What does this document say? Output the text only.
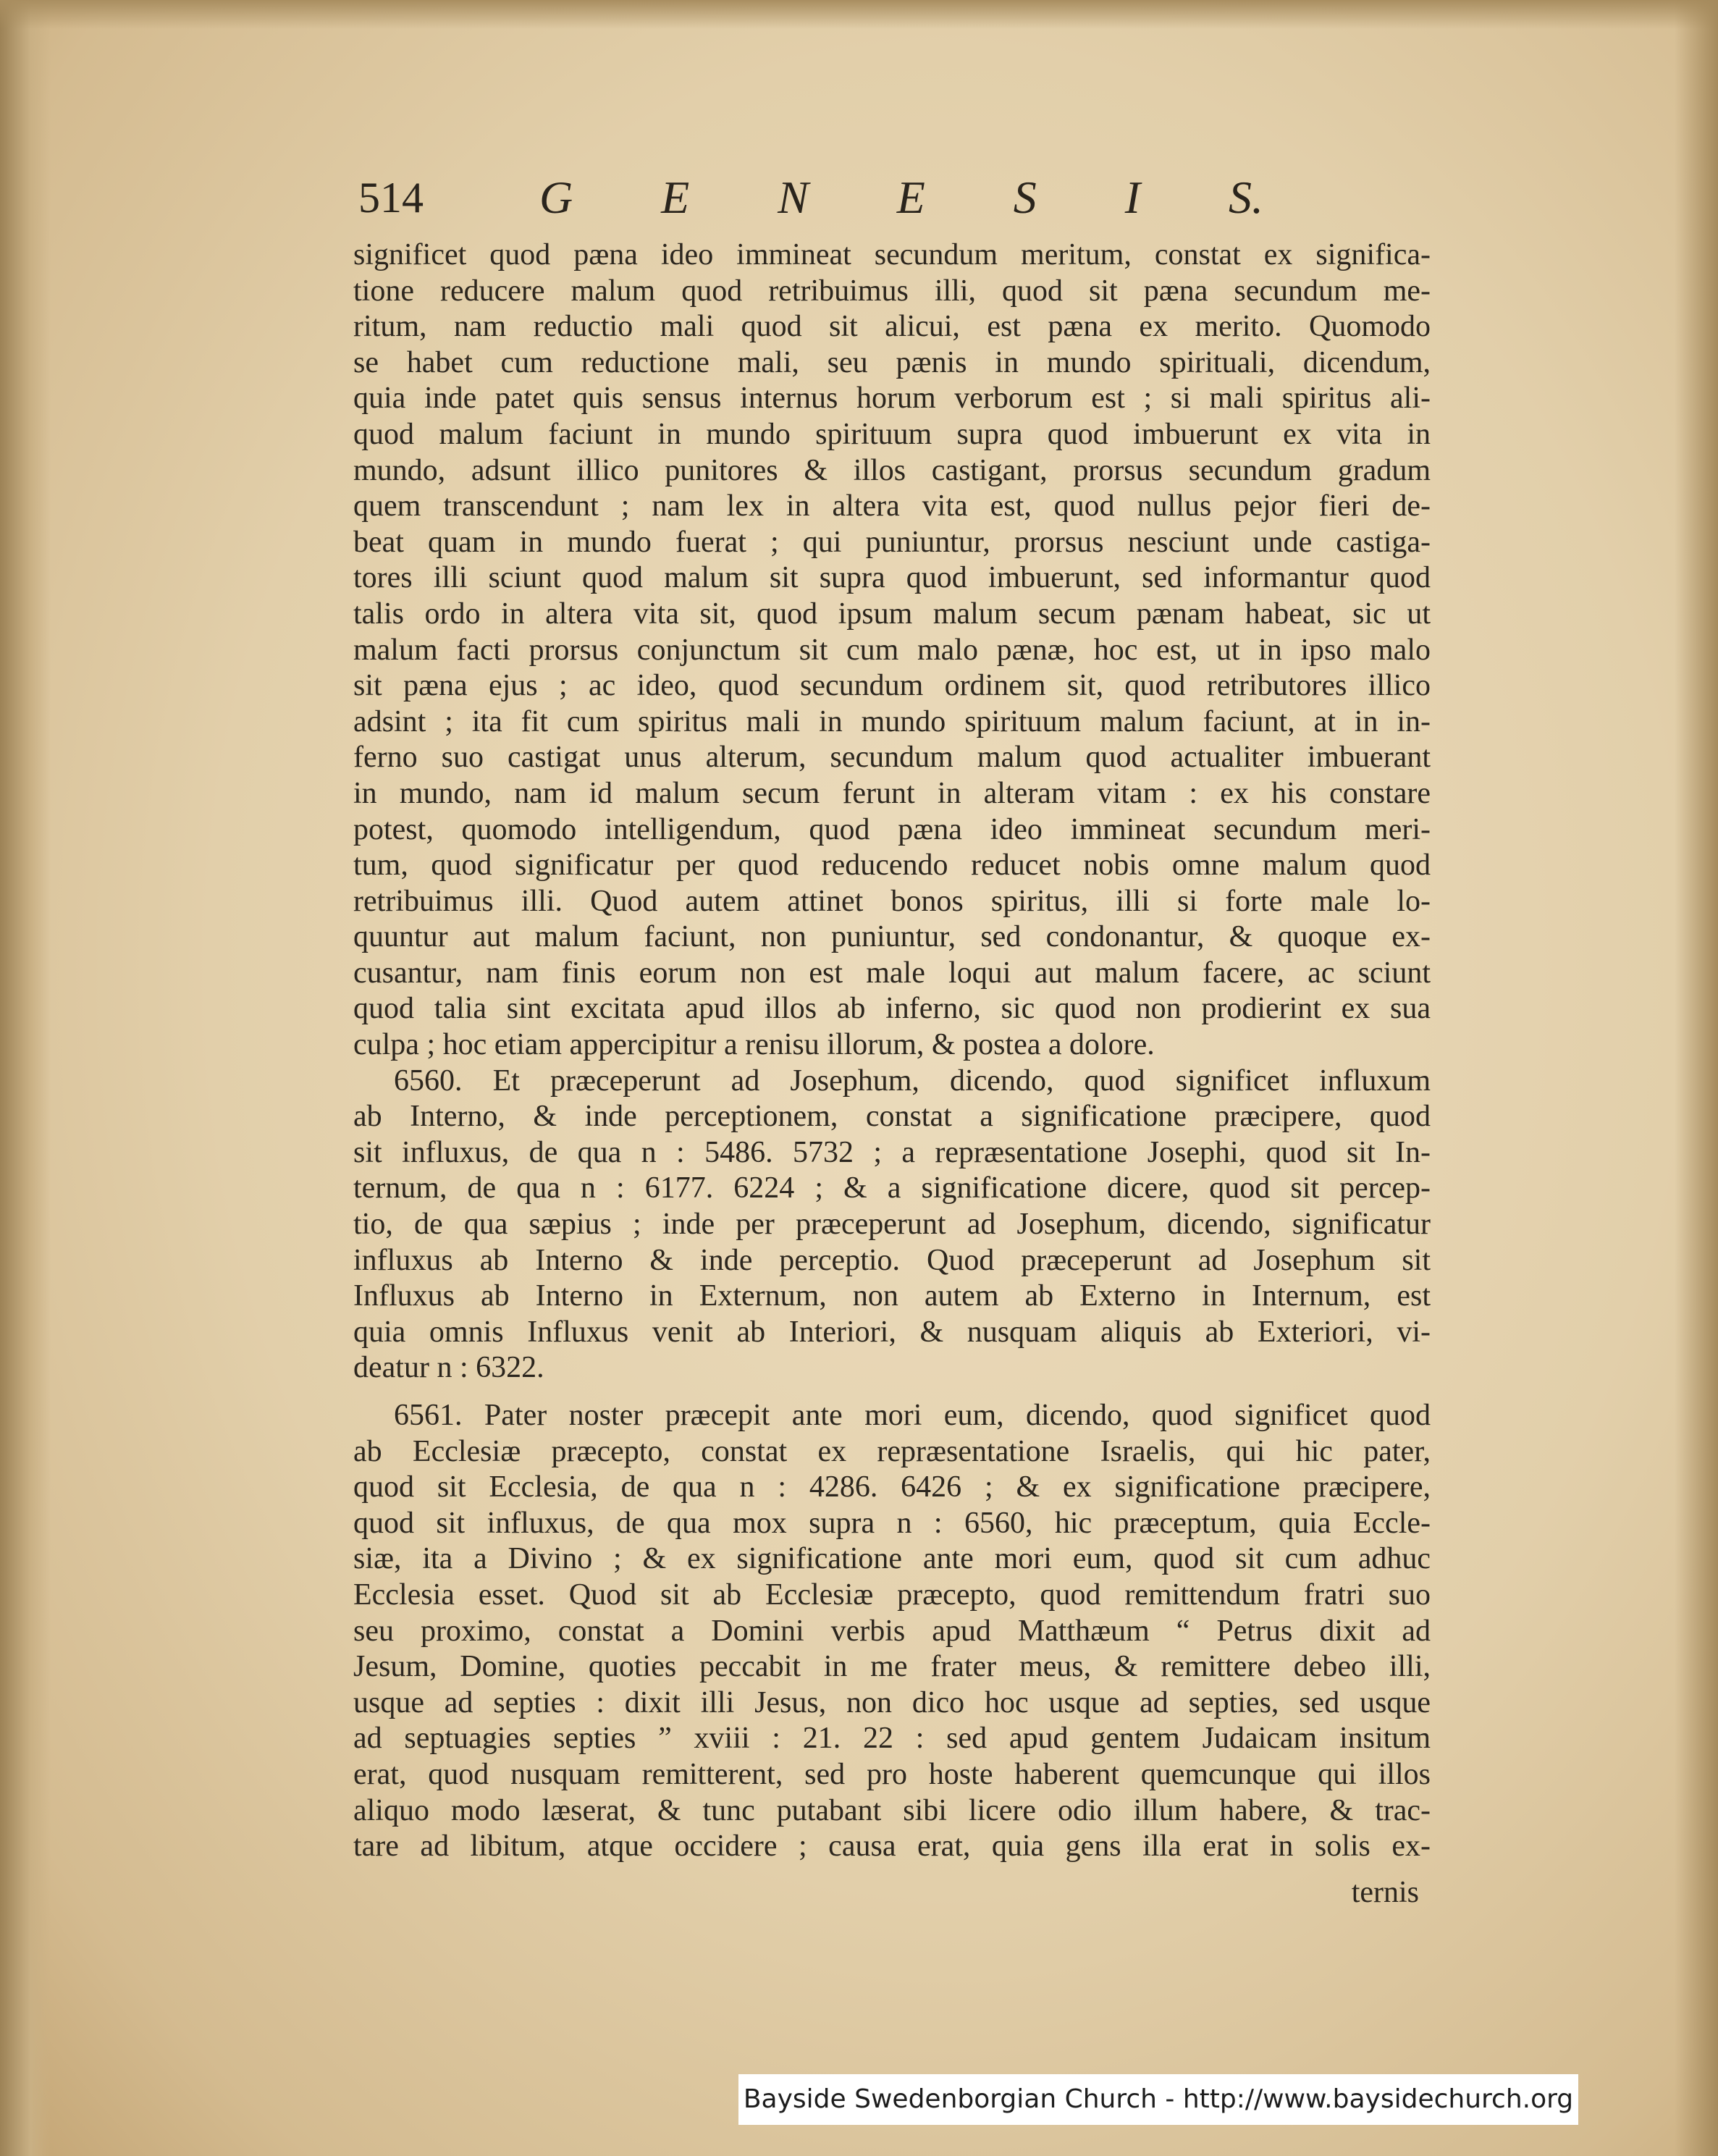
514	G E N E S I S.

significet quod pæna ideo immineat secundum meritum, constat ex significa-

tione reducere malum quod retribuimus illi, quod sit pæna secundum me-

ritum, nam reductio mali quod sit alicui, est pæna ex merito. Quomodo

se habet cum reductione mali, seu pænis in mundo spirituali, dicendum,

quia inde patet quis sensus internus horum verborum est ; si mali spiritus ali-

quod malum faciunt in mundo spirituum supra quod imbuerunt ex vita in

mundo, adsunt illico punitores & illos castigant, prorsus secundum gradum

quem transcendunt ; nam lex in altera vita est, quod nullus pejor fieri de-

beat quam in mundo fuerat ; qui puniuntur, prorsus nesciunt unde castiga-

tores illi sciunt quod malum sit supra quod imbuerunt, sed informantur quod

talis ordo in altera vita sit, quod ipsum malum secum pænam habeat, sic ut

malum facti prorsus conjunctum sit cum malo pænæ, hoc est, ut in ipso malo

sit pæna ejus ; ac ideo, quod secundum ordinem sit, quod retributores illico

adsint ; ita fit cum spiritus mali in mundo spirituum malum faciunt, at in in-

ferno suo castigat unus alterum, secundum malum quod actualiter imbuerant

in mundo, nam id malum secum ferunt in alteram vitam : ex his constare

potest, quomodo intelligendum, quod pæna ideo immineat secundum meri-

tum, quod significatur per quod reducendo reducet nobis omne malum quod

retribuimus illi. Quod autem attinet bonos spiritus, illi si forte male lo-

quuntur aut malum faciunt, non puniuntur, sed condonantur, & quoque ex-

cusantur, nam finis eorum non est male loqui aut malum facere, ac sciunt

quod talia sint excitata apud illos ab inferno, sic quod non prodierint ex sua

culpa ; hoc etiam appercipitur a renisu illorum, & postea a dolore.

6560. Et præceperunt ad Josephum, dicendo, quod significet influxum

ab Interno, & inde perceptionem, constat a significatione præcipere, quod

sit influxus, de qua n : 5486. 5732 ; a repræsentatione Josephi, quod sit In-

ternum, de qua n : 6177. 6224 ; & a significatione dicere, quod sit percep-

tio, de qua sæpius ; inde per præceperunt ad Josephum, dicendo, significatur

influxus ab Interno & inde perceptio. Quod præceperunt ad Josephum sit

Influxus ab Interno in Externum, non autem ab Externo in Internum, est

quia omnis Influxus venit ab Interiori, & nusquam aliquis ab Exteriori, vi-

deatur n : 6322.

6561. Pater noster præcepit ante mori eum, dicendo, quod significet quod

ab Ecclesiæ præcepto, constat ex repræsentatione Israelis, qui hic pater,

quod sit Ecclesia, de qua n : 4286. 6426 ; & ex significatione præcipere,

quod sit influxus, de qua mox supra n : 6560, hic præceptum, quia Eccle-

siæ, ita a Divino ; & ex significatione ante mori eum, quod sit cum adhuc

Ecclesia esset. Quod sit ab Ecclesiæ præcepto, quod remittendum fratri suo

seu proximo, constat a Domini verbis apud Matthæum “ Petrus dixit ad

Jesum, Domine, quoties peccabit in me frater meus, & remittere debeo illi,

usque ad septies : dixit illi Jesus, non dico hoc usque ad septies, sed usque

ad septuagies septies ” xviii : 21. 22 : sed apud gentem Judaicam insitum

erat, quod nusquam remitterent, sed pro hoste haberent quemcunque qui illos

aliquo modo læserat, & tunc putabant sibi licere odio illum habere, & trac-

tare ad libitum, atque occidere ; causa erat, quia gens illa erat in solis ex-

ternis
Bayside Swedenborgian Church - http://www.baysidechurch.org
